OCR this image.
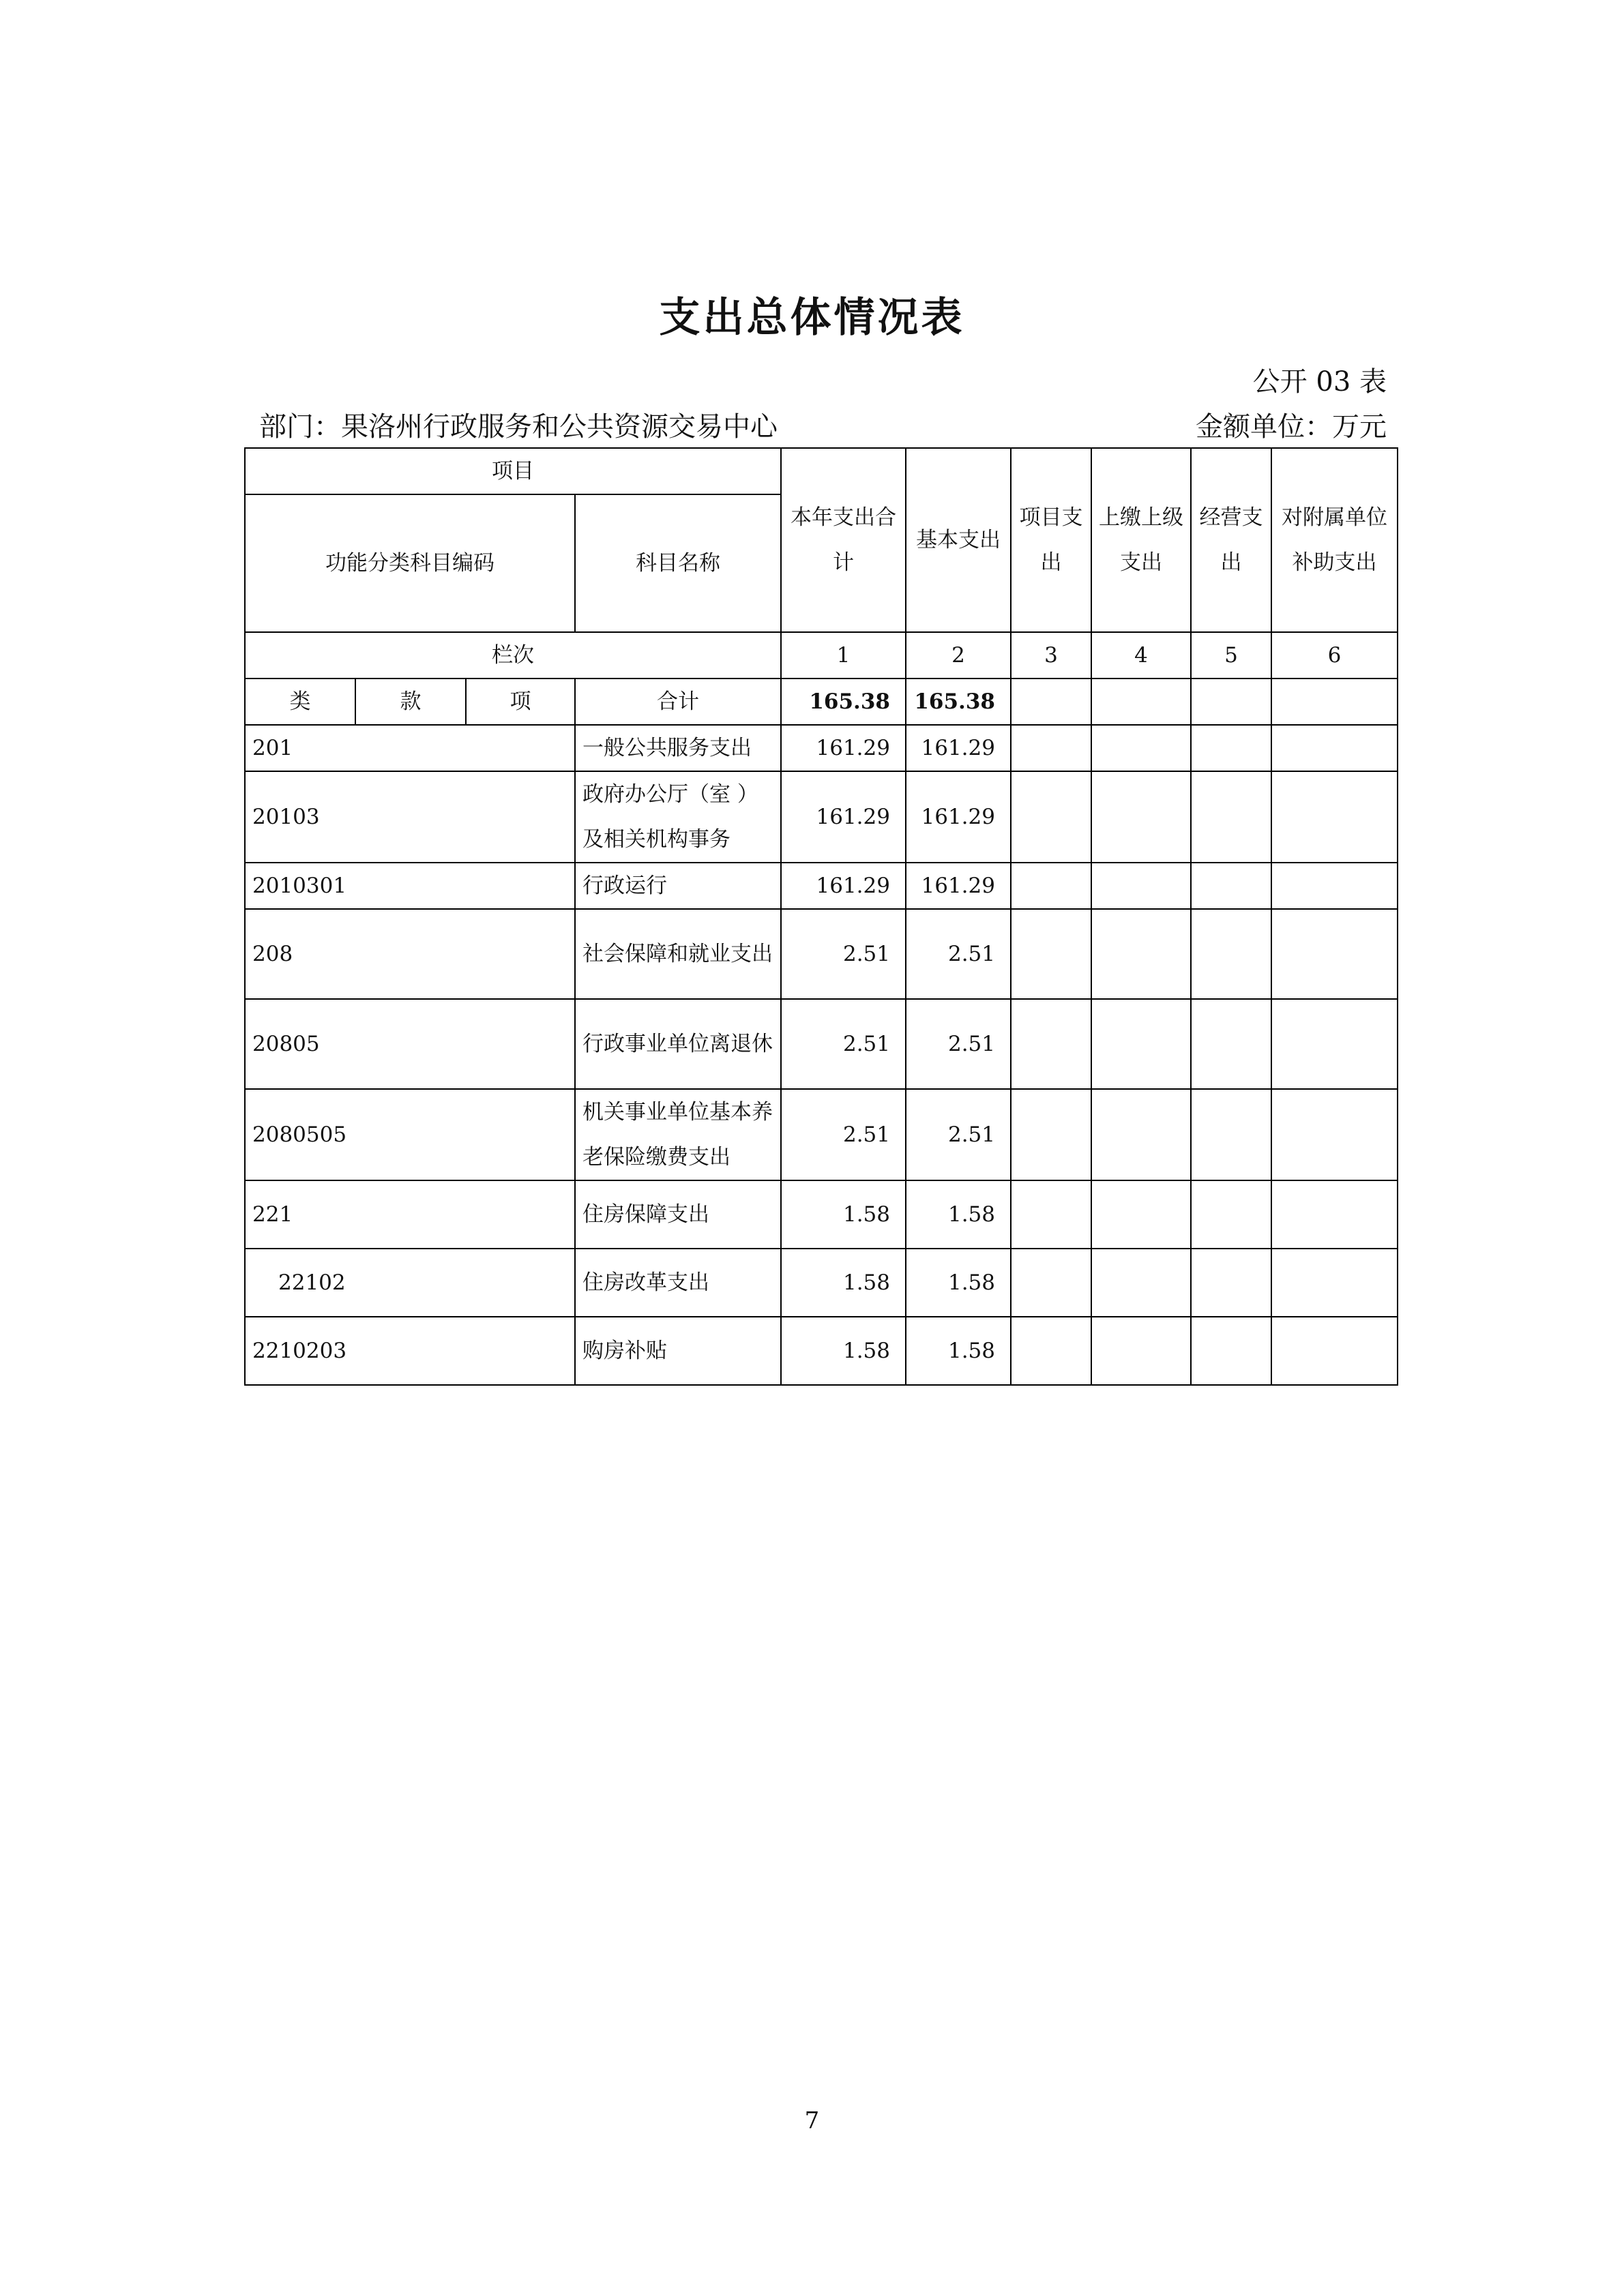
支出总体情况表
公开 03 表
部门：果洛州行政服务和公共资源交易中心	金额单位：万元
项目				本年支出合计	基本支出	项目支出	上缴上级支出	经营支出	对附属单位补助支出
功能分类科目编码			科目名称						
栏次				1	2	3	4	5	6
类	款	项	合计	165.38	165.38				
201			一般公共服务支出	161.29	161.29				
20103			政府办公厅（室 ）及相关机构事务	161.29	161.29				
2010301			行政运行	161.29	161.29				
208			社会保障和就业支出	2.51	2.51				
20805			行政事业单位离退休	2.51	2.51				
2080505			机关事业单位基本养老保险缴费支出	2.51	2.51				
221			住房保障支出	1.58	1.58				
22102			住房改革支出	1.58	1.58				
2210203			购房补贴	1.58	1.58				
7
